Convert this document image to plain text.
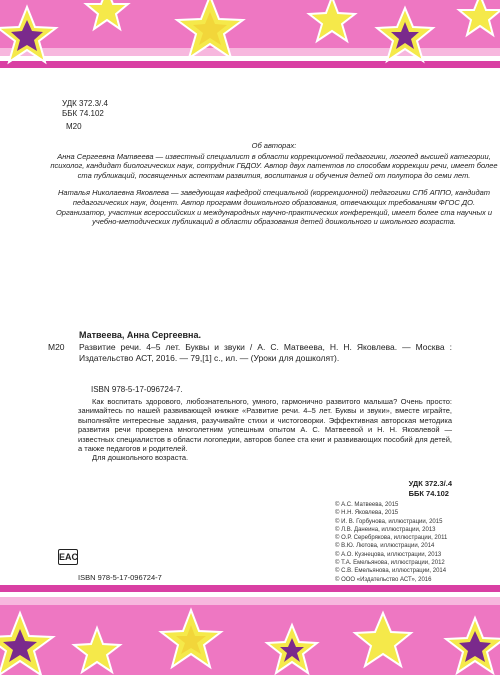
УДК 372.3/.4
ББК 74.102
М20

Об авторах:

Анна Сергеевна Матвеева — известный специалист в области коррекционной педагогики, логопед высшей категории, психолог, кандидат биологических наук, сотрудник ГБДОУ. Автор двух патентов по способам коррекции речи, имеет более ста публикаций, посвященных аспектам развития, воспитания и обучения детей от полутора до семи лет.

Наталья Николаевна Яковлева — заведующая кафедрой специальной (коррекционной) педагогики СПб АППО, кандидат педагогических наук, доцент. Автор программ дошкольного образования, отвечающих требованиям ФГОС ДО. Организатор, участник всероссийских и международных научно-практических конференций, имеет более ста научных и учебно-методических публикаций в области образования детей дошкольного и школьного возраста.

Матвеева, Анна Сергеевна.
М20 Развитие речи. 4–5 лет. Буквы и звуки / А. С. Матвеева, Н. Н. Яковлева. — Москва : Издательство АСТ, 2016. — 79,[1] с., ил. — (Уроки для дошколят).
ISBN 978-5-17-096724-7.

Как воспитать здорового, любознательного, умного, гармонично развитого малыша? Очень просто: занимайтесь по нашей развивающей книжке «Развитие речи. 4–5 лет. Буквы и звуки», вместе играйте, выполняйте интересные задания, разучивайте стихи и чистоговорки. Эффективная авторская методика развития речи проверена многолетним успешным опытом А. С. Матвеевой и Н. Н. Яковлевой — известных специалистов в области логопедии, авторов более ста книг и развивающих пособий для детей, а также педагогов и родителей.

Для дошкольного возраста.

УДК 372.3/.4
ББК 74.102
© А.С. Матвеева, 2015
© Н.Н. Яковлева, 2015
© И. В. Горбунова, иллюстрации, 2015
© Л.В. Данеина, иллюстрации, 2013
© О.Р. Серебрякова, иллюстрации, 2011
© В.Ю. Лютова, иллюстрации, 2014
© А.О. Кузнецова, иллюстрации, 2013
© Т.А. Емельянова, иллюстрации, 2012
© С.В. Емельянова, иллюстрации, 2014
© ООО «Издательство АСТ», 2016
EAC
ISBN 978-5-17-096724-7
